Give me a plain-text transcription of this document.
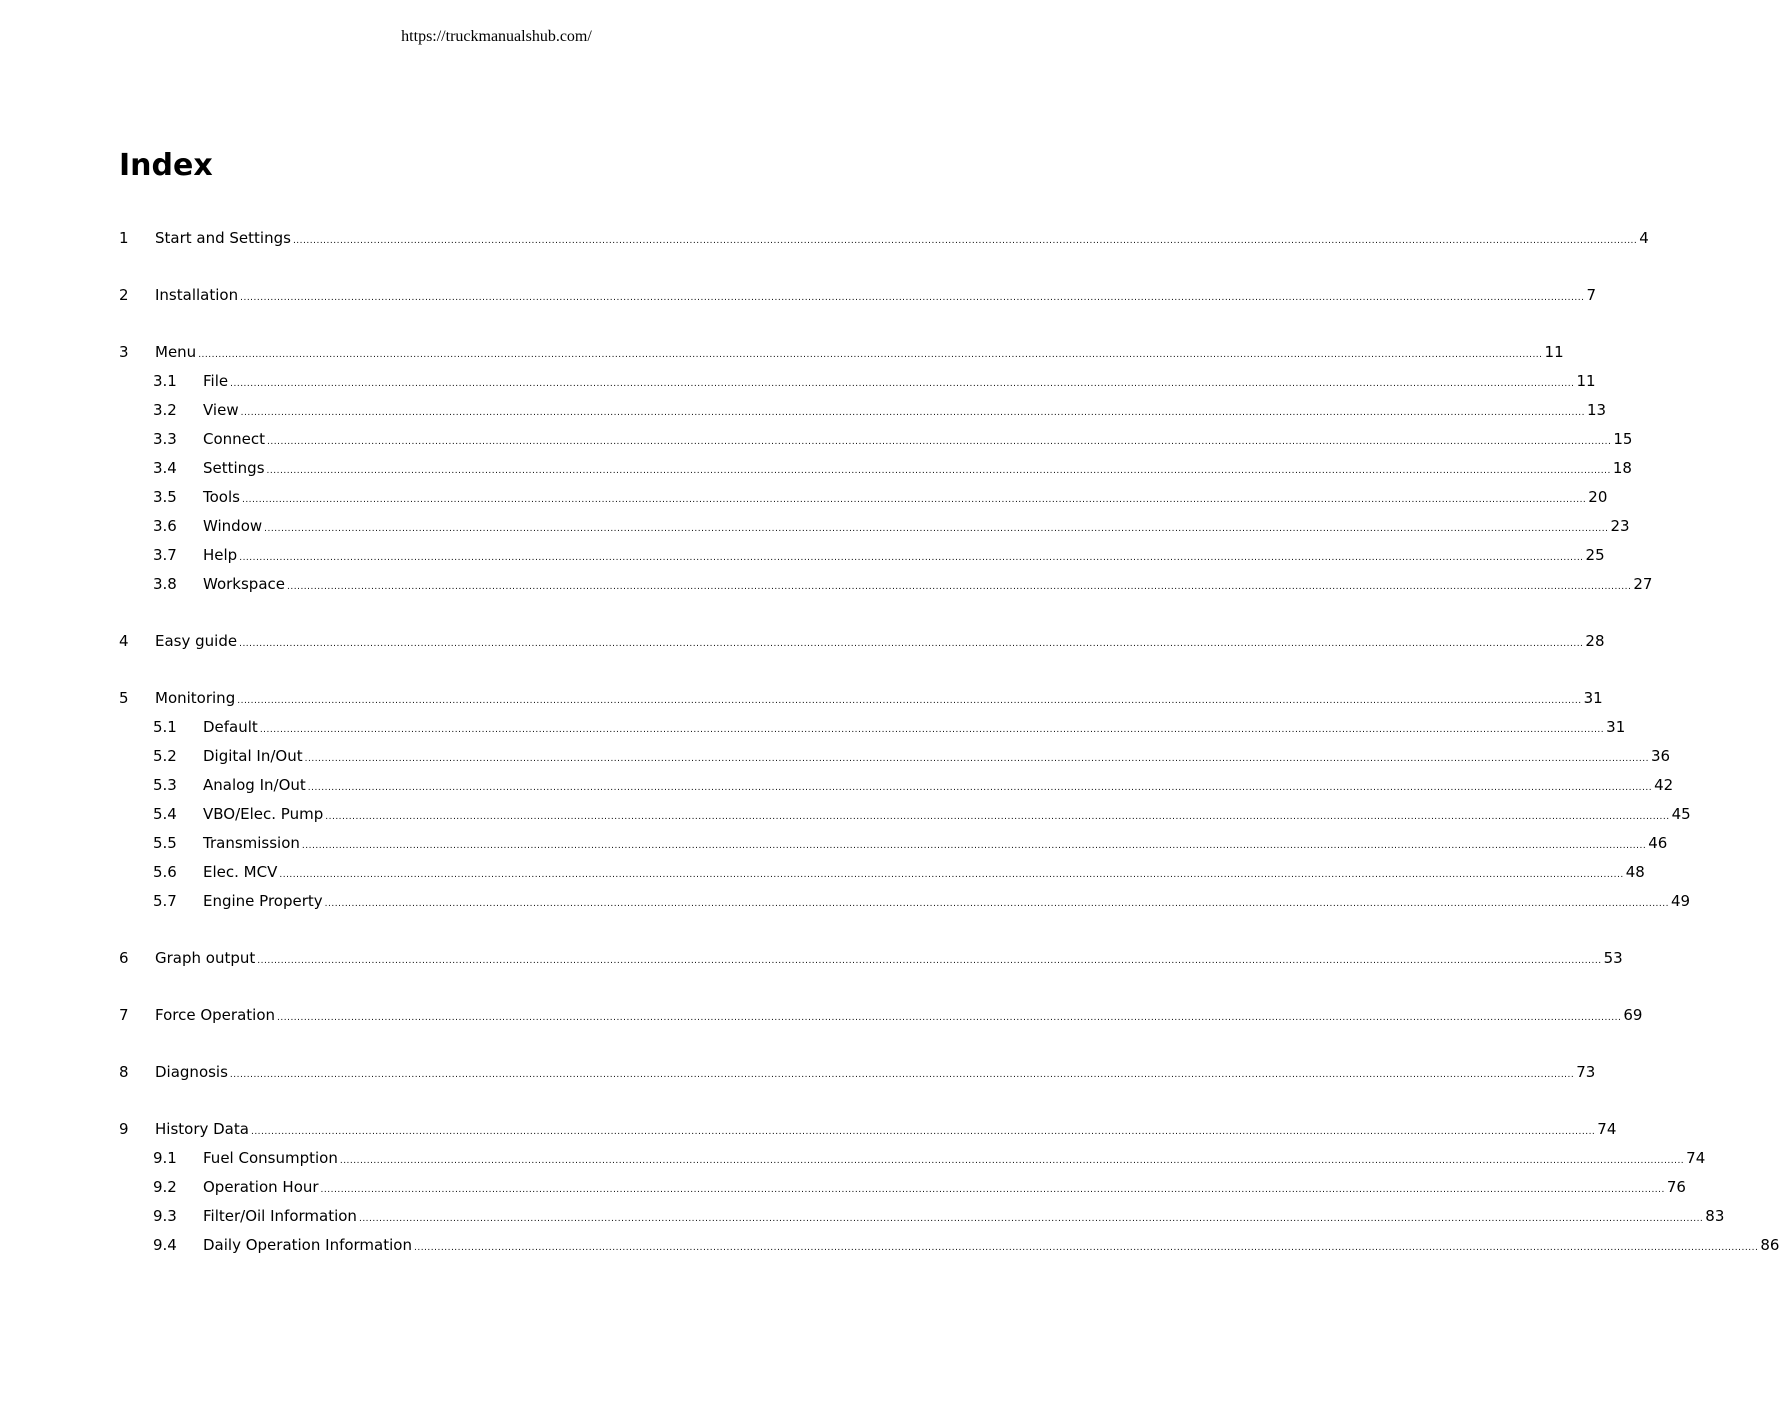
https://truckmanualshub.com/
Index
1	Start and Settings ................................................................................................................................................................................................................................................................................................................................................................................................................ 4
2	Installation ................................................................................................................................................................................................................................................................................................................................................................................................................ 7
3	Menu ................................................................................................................................................................................................................................................................................................................................................................................................................ 11
3.1	File ................................................................................................................................................................................................................................................................................................................................................................................................................ 11
3.2	View ................................................................................................................................................................................................................................................................................................................................................................................................................ 13
3.3	Connect ................................................................................................................................................................................................................................................................................................................................................................................................................ 15
3.4	Settings ................................................................................................................................................................................................................................................................................................................................................................................................................ 18
3.5	Tools ................................................................................................................................................................................................................................................................................................................................................................................................................ 20
3.6	Window ................................................................................................................................................................................................................................................................................................................................................................................................................ 23
3.7	Help ................................................................................................................................................................................................................................................................................................................................................................................................................ 25
3.8	Workspace ................................................................................................................................................................................................................................................................................................................................................................................................................ 27
4	Easy guide ................................................................................................................................................................................................................................................................................................................................................................................................................ 28
5	Monitoring ................................................................................................................................................................................................................................................................................................................................................................................................................ 31
5.1	Default ................................................................................................................................................................................................................................................................................................................................................................................................................ 31
5.2	Digital In/Out ................................................................................................................................................................................................................................................................................................................................................................................................................ 36
5.3	Analog In/Out ................................................................................................................................................................................................................................................................................................................................................................................................................ 42
5.4	VBO/Elec. Pump ................................................................................................................................................................................................................................................................................................................................................................................................................ 45
5.5	Transmission ................................................................................................................................................................................................................................................................................................................................................................................................................ 46
5.6	Elec. MCV ................................................................................................................................................................................................................................................................................................................................................................................................................ 48
5.7	Engine Property ................................................................................................................................................................................................................................................................................................................................................................................................................ 49
6	Graph output ................................................................................................................................................................................................................................................................................................................................................................................................................ 53
7	Force Operation ................................................................................................................................................................................................................................................................................................................................................................................................................ 69
8	Diagnosis ................................................................................................................................................................................................................................................................................................................................................................................................................ 73
9	History Data ................................................................................................................................................................................................................................................................................................................................................................................................................ 74
9.1	Fuel Consumption ................................................................................................................................................................................................................................................................................................................................................................................................................ 74
9.2	Operation Hour ................................................................................................................................................................................................................................................................................................................................................................................................................ 76
9.3	Filter/Oil Information ................................................................................................................................................................................................................................................................................................................................................................................................................ 83
9.4	Daily Operation Information ................................................................................................................................................................................................................................................................................................................................................................................................................ 86
